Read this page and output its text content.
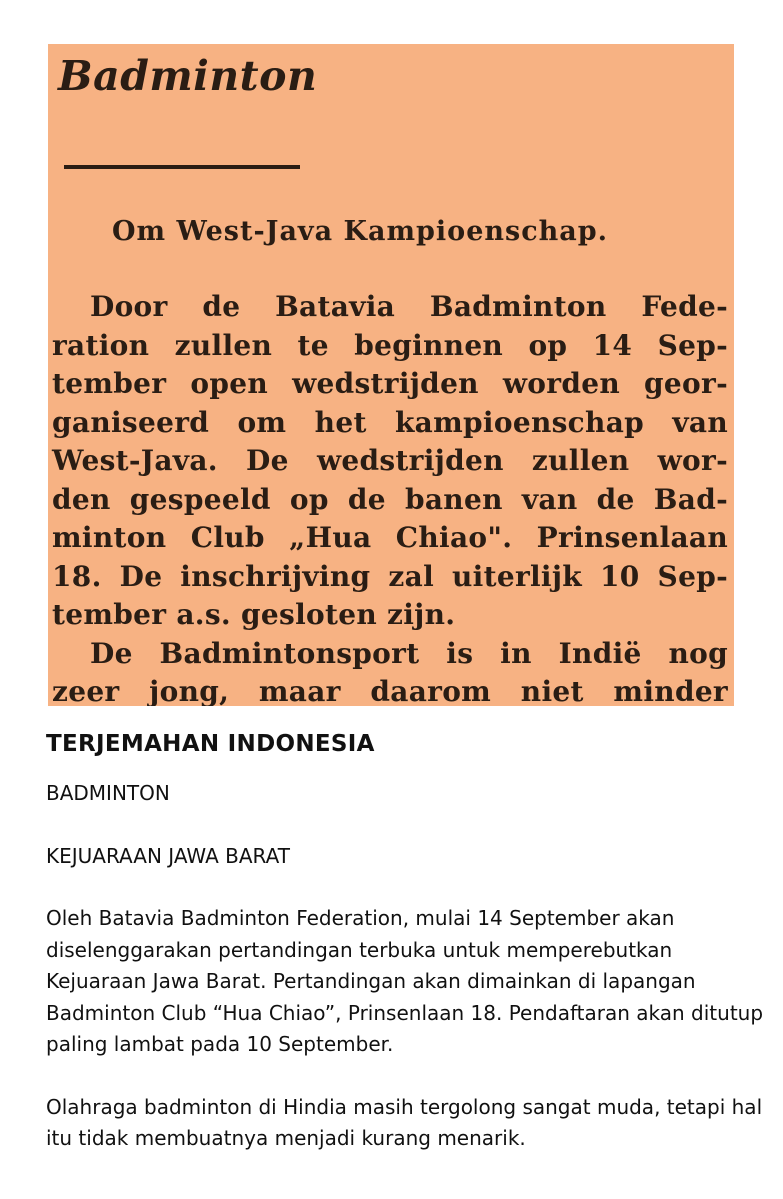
Badminton
Om West-Java Kampioenschap.
Door de Batavia Badminton Fede-
ration zullen te beginnen op 14 Sep-
tember open wedstrijden worden geor-
ganiseerd om het kampioenschap van
West-Java. De wedstrijden zullen wor-
den gespeeld op de banen van de Bad-
minton Club „Hua Chiao". Prinsenlaan
18. De inschrijving zal uiterlijk 10 Sep-
tember a.s. gesloten zijn.
De Badmintonsport is in Indië nog
zeer jong, maar daarom niet minder
TERJEMAHAN INDONESIA

BADMINTON

KEJUARAAN JAWA BARAT

Oleh Batavia Badminton Federation, mulai 14 September akan diselenggarakan pertandingan terbuka untuk memperebutkan Kejuaraan Jawa Barat. Pertandingan akan dimainkan di lapangan Badminton Club “Hua Chiao”, Prinsenlaan 18. Pendaftaran akan ditutup paling lambat pada 10 September.

Olahraga badminton di Hindia masih tergolong sangat muda, tetapi hal itu tidak membuatnya menjadi kurang menarik.
